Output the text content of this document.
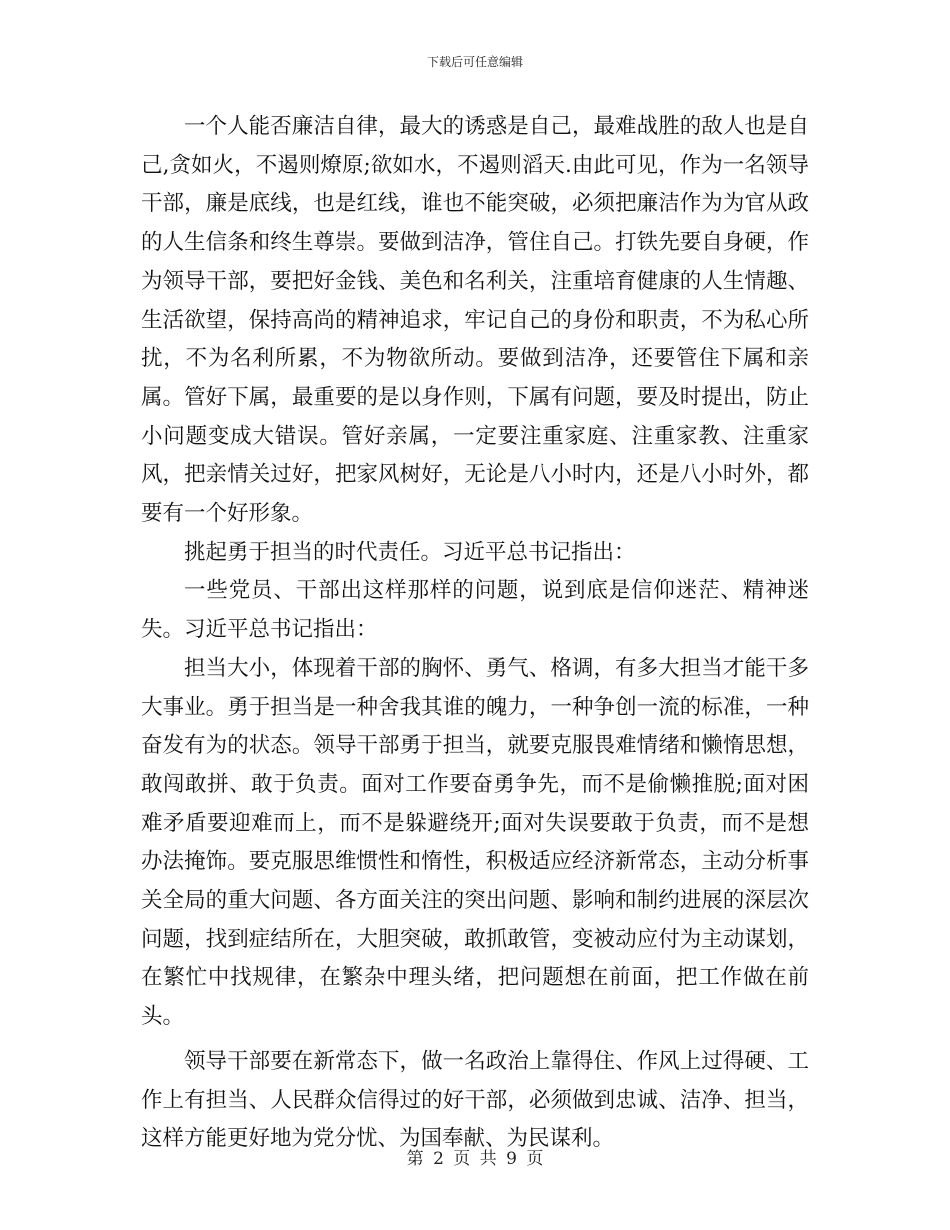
下载后可任意编辑

一个人能否廉洁自律，最大的诱惑是自己，最难战胜的敌人也是自己,贪如火，不遏则燎原;欲如水，不遏则滔天.由此可见，作为一名领导干部，廉是底线，也是红线，谁也不能突破，必须把廉洁作为为官从政的人生信条和终生尊崇。要做到洁净，管住自己。打铁先要自身硬，作为领导干部，要把好金钱、美色和名利关，注重培育健康的人生情趣、生活欲望，保持高尚的精神追求，牢记自己的身份和职责，不为私心所扰，不为名利所累，不为物欲所动。要做到洁净，还要管住下属和亲属。管好下属，最重要的是以身作则，下属有问题，要及时提出，防止小问题变成大错误。管好亲属，一定要注重家庭、注重家教、注重家风，把亲情关过好，把家风树好，无论是八小时内，还是八小时外，都要有一个好形象。

挑起勇于担当的时代责任。习近平总书记指出：

一些党员、干部出这样那样的问题，说到底是信仰迷茫、精神迷失。习近平总书记指出：

担当大小，体现着干部的胸怀、勇气、格调，有多大担当才能干多大事业。勇于担当是一种舍我其谁的魄力，一种争创一流的标准，一种奋发有为的状态。领导干部勇于担当，就要克服畏难情绪和懒惰思想，敢闯敢拼、敢于负责。面对工作要奋勇争先，而不是偷懒推脱;面对困难矛盾要迎难而上，而不是躲避绕开;面对失误要敢于负责，而不是想办法掩饰。要克服思维惯性和惰性，积极适应经济新常态，主动分析事关全局的重大问题、各方面关注的突出问题、影响和制约进展的深层次问题，找到症结所在，大胆突破，敢抓敢管，变被动应付为主动谋划，在繁忙中找规律，在繁杂中理头绪，把问题想在前面，把工作做在前头。

领导干部要在新常态下，做一名政治上靠得住、作风上过得硬、工作上有担当、人民群众信得过的好干部，必须做到忠诚、洁净、担当，这样方能更好地为党分忧、为国奉献、为民谋利。

第 2 页 共 9 页
